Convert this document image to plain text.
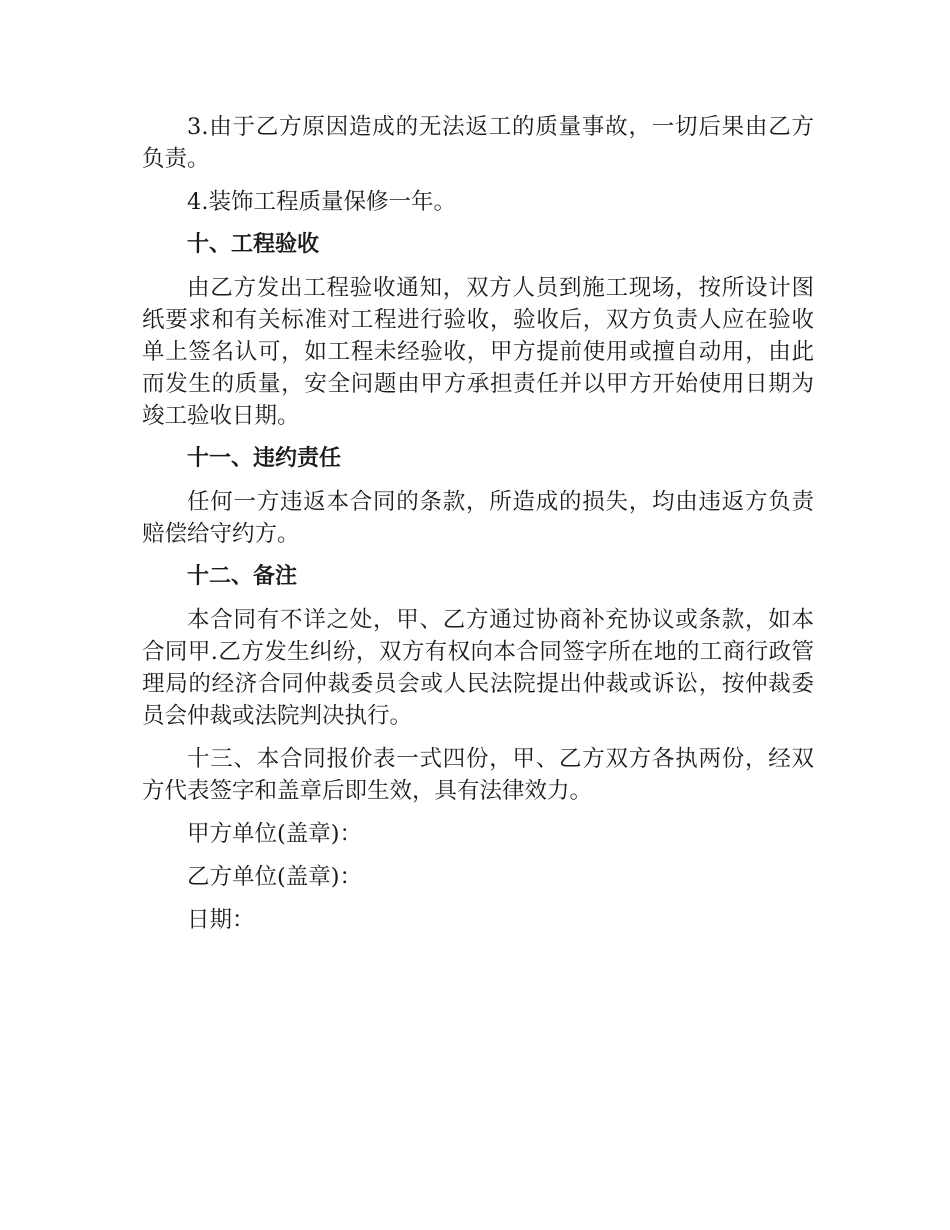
3.由于乙方原因造成的无法返工的质量事故，一切后果由乙方负责。

4.装饰工程质量保修一年。

十、工程验收

由乙方发出工程验收通知，双方人员到施工现场，按所设计图纸要求和有关标准对工程进行验收，验收后，双方负责人应在验收单上签名认可，如工程未经验收，甲方提前使用或擅自动用，由此而发生的质量，安全问题由甲方承担责任并以甲方开始使用日期为竣工验收日期。

十一、违约责任

任何一方违返本合同的条款，所造成的损失，均由违返方负责赔偿给守约方。

十二、备注

本合同有不详之处，甲、乙方通过协商补充协议或条款，如本合同甲.乙方发生纠纷，双方有权向本合同签字所在地的工商行政管理局的经济合同仲裁委员会或人民法院提出仲裁或诉讼，按仲裁委员会仲裁或法院判决执行。

十三、本合同报价表一式四份，甲、乙方双方各执两份，经双方代表签字和盖章后即生效，具有法律效力。

甲方单位(盖章)：

乙方单位(盖章)：

日期：
